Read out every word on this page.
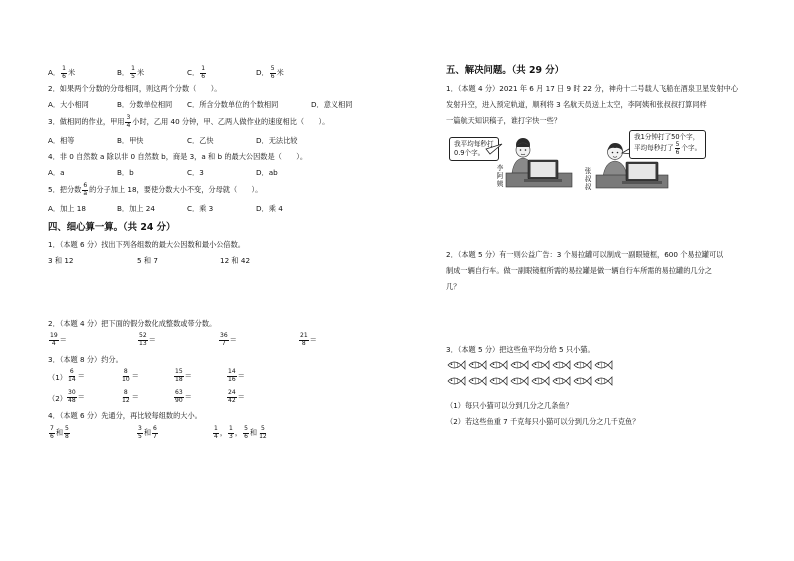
A． $\frac{1}{6}$ 米	B． $\frac{1}{5}$ 米	C． $\frac{1}{6}$	D． $\frac{5}{6}$ 米
2．如果两个分数的分母相同，则这两个分数（　　）。
A．大小相同	B．分数单位相同 C．所含分数单位的个数相同	D．意义相同
3．做相同的作业，甲用 $\frac{3}{4}$ 小时，乙用 40 分钟，甲、乙两人做作业的速度相比（　　）。
A．相等	B．甲快	C．乙快	D．无法比较
4．非 0 自然数 a 除以非 0 自然数 b，商是 3，a 和 b 的最大公因数是（　　）。
A．a	B．b	C．3	D．ab
5．把分数 $\frac{6}{a}$ 的分子加上 18，要使分数大小不变，分母就（　　）。
A．加上 18	B．加上 24	C．乘 3	D．乘 4
四、细心算一算。（共 24 分）
1．（本题 6 分）找出下列各组数的最大公因数和最小公倍数。
3 和 12	5 和 7	12 和 42
2．（本题 4 分）把下面的假分数化成整数或带分数。
$\frac{19}{4}$ ＝	$\frac{52}{13}$ ＝	$\frac{36}{7}$ ＝	$\frac{21}{8}$ ＝
3．（本题 8 分）约分。
$(1) \frac{6}{14}$ ＝	$\frac{8}{10}$ ＝	$\frac{15}{18}$ ＝	$\frac{14}{16}$ ＝
$(2) \frac{30}{48}$ ＝	$\frac{8}{12}$ ＝	$\frac{63}{90}$ ＝	$\frac{24}{42}$ ＝
4．（本题 6 分）先通分，再比较每组数的大小。
$\frac{7}{6}$ 和 $\frac{5}{8}$	$\frac{3}{5}$ 和 $\frac{6}{7}$	$\frac{1}{4}$ ， $\frac{1}{3}$ ， $\frac{5}{6}$ 和 $\frac{5}{12}$
五、解决问题。（共 29 分）
1．（本题 4 分）2021 年 6 月 17 日 9 时 22 分，神舟十二号载人飞船在酒泉卫星发射中心
发射升空，进入预定轨道，顺利将 3 名航天员送上太空，李阿姨和张叔叔打算同样
一篇航天知识稿子，谁打字快一些？
我平均每秒打
0.9个字。
我1分钟打了50个字，
平均每秒打了 $\frac{5}{6}$ 个字。
李阿姨
张叔叔
2．（本题 5 分）有一则公益广告：3 个易拉罐可以制成一副眼镜框，600 个易拉罐可以
制成一辆自行车。做一副眼镜框所需的易拉罐是做一辆自行车所需的易拉罐的几分之
几？
3．（本题 5 分）把这些鱼平均分给 5 只小猫。
（1）每只小猫可以分到几分之几条鱼？
（2）若这些鱼重 7 千克每只小猫可以分到几分之几千克鱼？
